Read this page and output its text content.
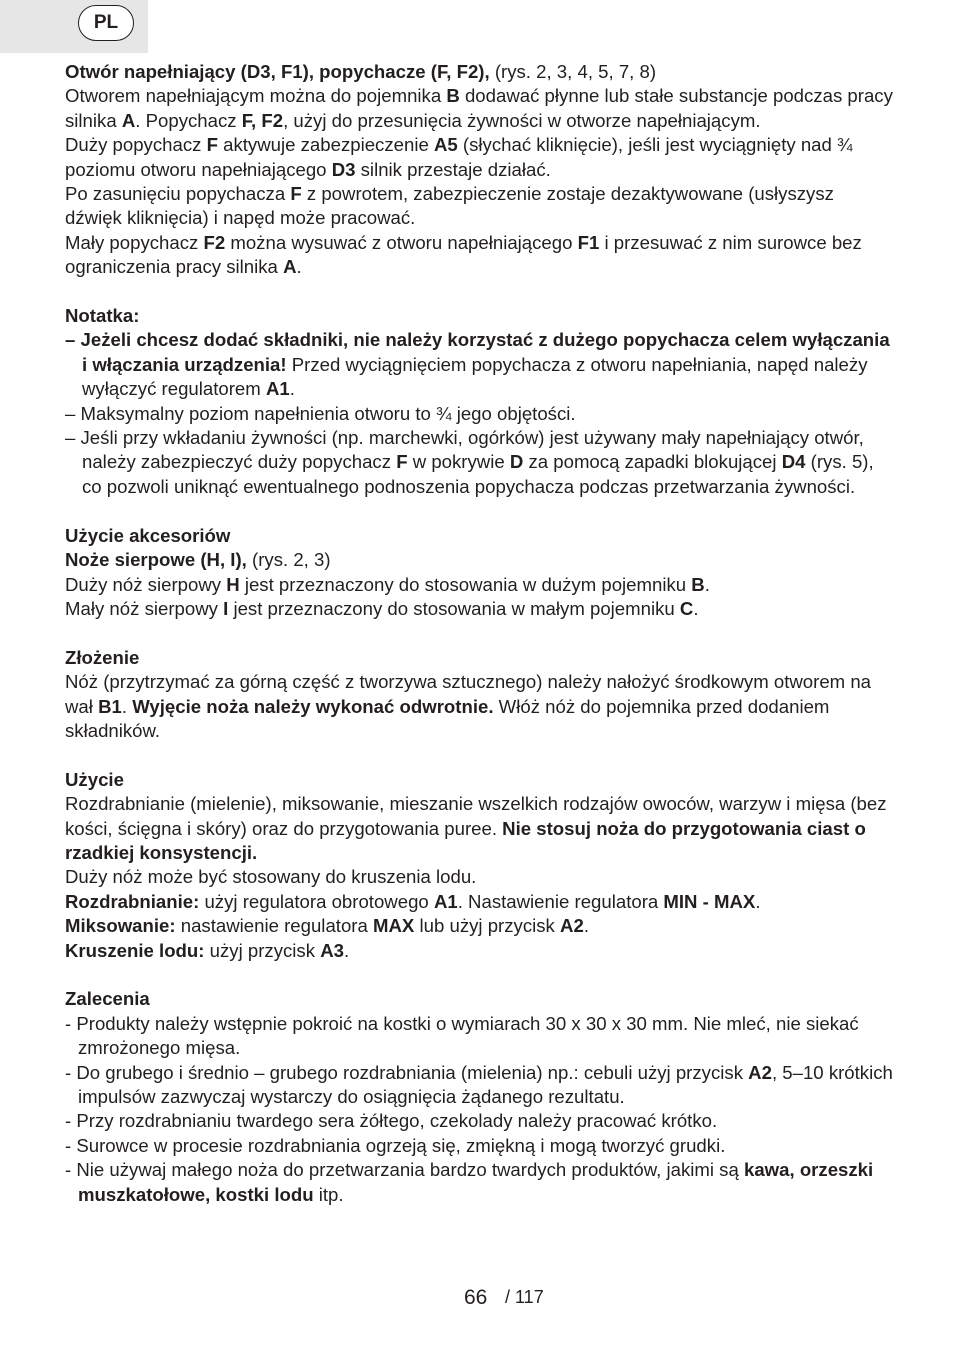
PL

Otwór napełniający (D3, F1), popychacze (F, F2), (rys. 2, 3, 4, 5, 7, 8)

Otworem napełniającym można do pojemnika B dodawać płynne lub stałe substancje podczas pracy silnika A. Popychacz F, F2, użyj do przesunięcia żywności w otworze napełniającym.

Duży popychacz F aktywuje zabezpieczenie A5 (słychać kliknięcie), jeśli jest wyciągnięty nad ¾ poziomu otworu napełniającego D3 silnik przestaje działać.

Po zasunięciu popychacza F z powrotem, zabezpieczenie zostaje dezaktywowane (usłyszysz dźwięk kliknięcia) i napęd może pracować.

Mały popychacz F2 można wysuwać z otworu napełniającego F1 i przesuwać z nim surowce bez ograniczenia pracy silnika A.

Notatka:

– Jeżeli chcesz dodać składniki, nie należy korzystać z dużego popychacza celem wyłączania i włączania urządzenia! Przed wyciągnięciem popychacza z otworu napełniania, napęd należy wyłączyć regulatorem A1.

– Maksymalny poziom napełnienia otworu to ¾ jego objętości.

– Jeśli przy wkładaniu żywności (np. marchewki, ogórków) jest używany mały napełniający otwór, należy zabezpieczyć duży popychacz F w pokrywie D za pomocą zapadki blokującej D4 (rys. 5), co pozwoli uniknąć ewentualnego podnoszenia popychacza podczas przetwarzania żywności.

Użycie akcesoriów

Noże sierpowe (H, I), (rys. 2, 3)

Duży nóż sierpowy H jest przeznaczony do stosowania w dużym pojemniku B.

Mały nóż sierpowy I jest przeznaczony do stosowania w małym pojemniku C.

Złożenie

Nóż (przytrzymać za górną część z tworzywa sztucznego) należy nałożyć środkowym otworem na wał B1. Wyjęcie noża należy wykonać odwrotnie. Włóż nóż do pojemnika przed dodaniem składników.

Użycie

Rozdrabnianie (mielenie), miksowanie, mieszanie wszelkich rodzajów owoców, warzyw i mięsa (bez kości, ścięgna i skóry) oraz do przygotowania puree. Nie stosuj noża do przygotowania ciast o rzadkiej konsystencji.

Duży nóż może być stosowany do kruszenia lodu.

Rozdrabnianie: użyj regulatora obrotowego A1. Nastawienie regulatora MIN - MAX.

Miksowanie: nastawienie regulatora MAX lub użyj przycisk A2.

Kruszenie lodu: użyj przycisk A3.

Zalecenia

- Produkty należy wstępnie pokroić na kostki o wymiarach 30 x 30 x 30 mm. Nie mleć, nie siekać zmrożonego mięsa.

- Do grubego i średnio – grubego rozdrabniania (mielenia) np.: cebuli użyj przycisk A2, 5–10 krótkich impulsów zazwyczaj wystarczy do osiągnięcia żądanego rezultatu.

- Przy rozdrabnianiu twardego sera żółtego, czekolady należy pracować krótko.

- Surowce w procesie rozdrabniania ogrzeją się, zmiękną i mogą tworzyć grudki.

- Nie używaj małego noża do przetwarzania bardzo twardych produktów, jakimi są kawa, orzeszki muszkatołowe, kostki lodu itp.

66 / 117
